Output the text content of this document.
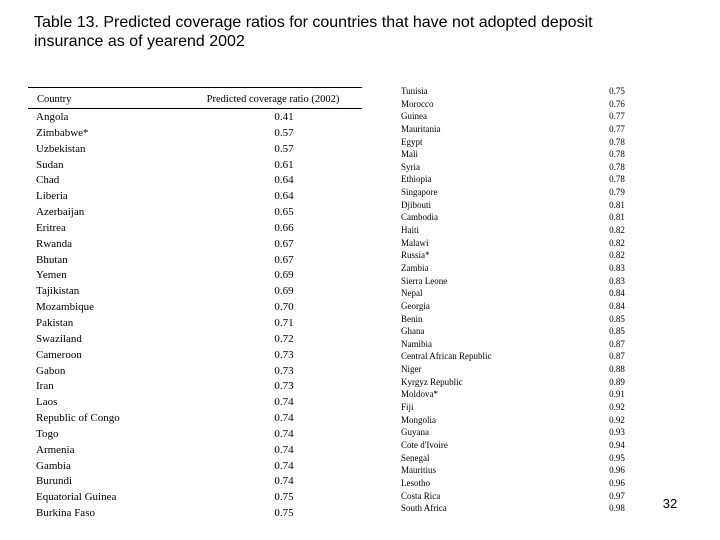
Table 13. Predicted coverage ratios for countries that have not adopted deposit
insurance as of yearend 2002
Country	Predicted coverage ratio (2002)
Angola	0.41
Zimbabwe*	0.57
Uzbekistan	0.57
Sudan	0.61
Chad	0.64
Liberia	0.64
Azerbaijan	0.65
Eritrea	0.66
Rwanda	0.67
Bhutan	0.67
Yemen	0.69
Tajikistan	0.69
Mozambique	0.70
Pakistan	0.71
Swaziland	0.72
Cameroon	0.73
Gabon	0.73
Iran	0.73
Laos	0.74
Republic of Congo	0.74
Togo	0.74
Armenia	0.74
Gambia	0.74
Burundi	0.74
Equatorial Guinea	0.75
Burkina Faso	0.75
Tunisia	0.75
Morocco	0.76
Guinea	0.77
Mauritania	0.77
Egypt	0.78
Mali	0.78
Syria	0.78
Ethiopia	0.78
Singapore	0.79
Djibouti	0.81
Cambodia	0.81
Haiti	0.82
Malawi	0.82
Russia*	0.82
Zambia	0.83
Sierra Leone	0.83
Nepal	0.84
Georgia	0.84
Benin	0.85
Ghana	0.85
Namibia	0.87
Central African Republic	0.87
Niger	0.88
Kyrgyz Republic	0.89
Moldova*	0.91
Fiji	0.92
Mongolia	0.92
Guyana	0.93
Cote d'Ivoire	0.94
Senegal	0.95
Mauritius	0.96
Lesotho	0.96
Costa Rica	0.97
South Africa	0.98	32
